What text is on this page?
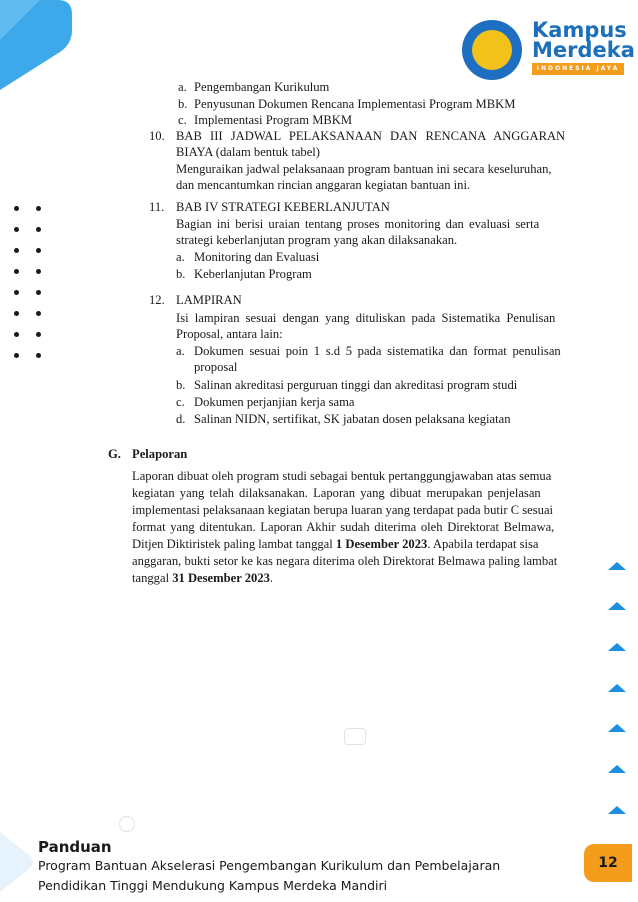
Kampus
Merdeka
INDONESIA JAYA
a. Pengembangan Kurikulum
b. Penyusunan Dokumen Rencana Implementasi Program MBKM
c. Implementasi Program MBKM
10. BAB III JADWAL PELAKSANAAN DAN RENCANA ANGGARAN
BIAYA (dalam bentuk tabel)
Menguraikan jadwal pelaksanaan program bantuan ini secara keseluruhan,
dan mencantumkan rincian anggaran kegiatan bantuan ini.
11. BAB IV STRATEGI KEBERLANJUTAN
Bagian ini berisi uraian tentang proses monitoring dan evaluasi serta
strategi keberlanjutan program yang akan dilaksanakan.
a. Monitoring dan Evaluasi
b. Keberlanjutan Program
12. LAMPIRAN
Isi lampiran sesuai dengan yang dituliskan pada Sistematika Penulisan
Proposal, antara lain:
a. Dokumen sesuai poin 1 s.d 5 pada sistematika dan format penulisan
proposal
b. Salinan akreditasi perguruan tinggi dan akreditasi program studi
c. Dokumen perjanjian kerja sama
d. Salinan NIDN, sertifikat, SK jabatan dosen pelaksana kegiatan
G. Pelaporan
Laporan dibuat oleh program studi sebagai bentuk pertanggungjawaban atas semua
kegiatan yang telah dilaksanakan. Laporan yang dibuat merupakan penjelasan
implementasi pelaksanaan kegiatan berupa luaran yang terdapat pada butir C sesuai
format yang ditentukan. Laporan Akhir sudah diterima oleh Direktorat Belmawa,
Ditjen Diktiristek paling lambat tanggal 1 Desember 2023. Apabila terdapat sisa
anggaran, bukti setor ke kas negara diterima oleh Direktorat Belmawa paling lambat
tanggal 31 Desember 2023.
Panduan
Program Bantuan Akselerasi Pengembangan Kurikulum dan Pembelajaran
Pendidikan Tinggi Mendukung Kampus Merdeka Mandiri
12
